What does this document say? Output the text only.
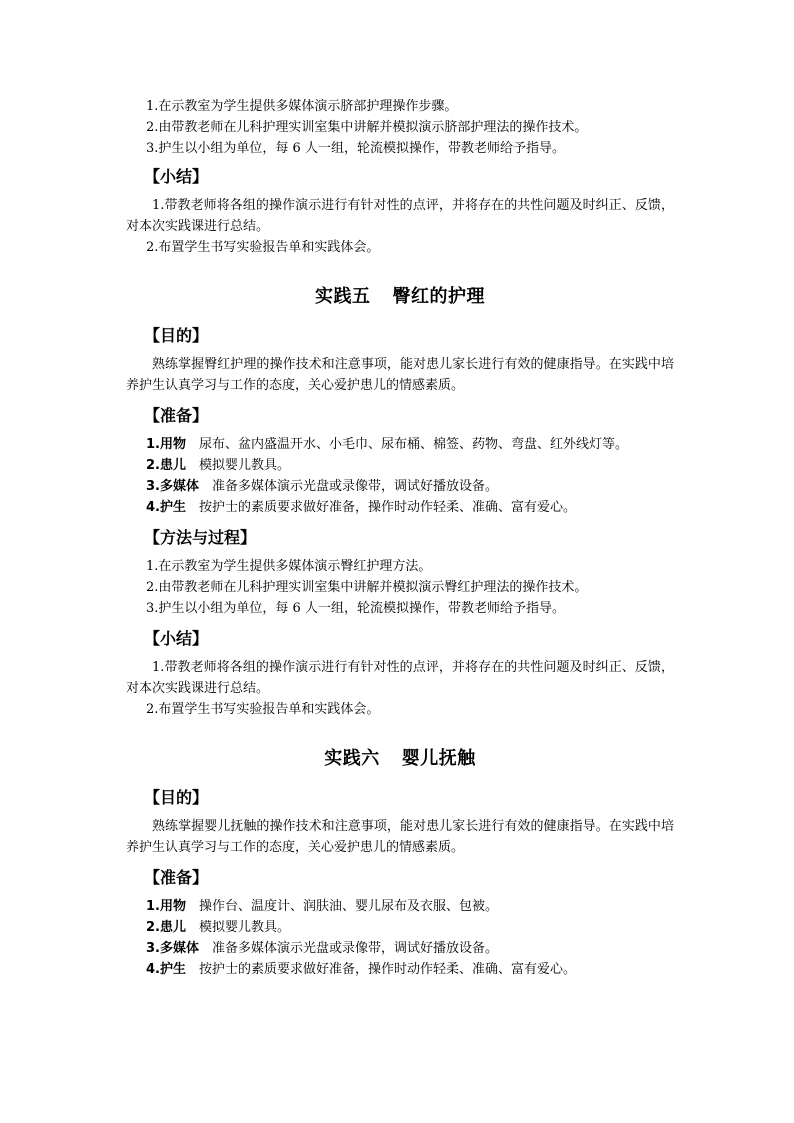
1.在示教室为学生提供多媒体演示脐部护理操作步骤。

2.由带教老师在儿科护理实训室集中讲解并模拟演示脐部护理法的操作技术。

3.护生以小组为单位，每 6 人一组，轮流模拟操作，带教老师给予指导。

【小结】

1.带教老师将各组的操作演示进行有针对性的点评，并将存在的共性问题及时纠正、反馈，对本次实践课进行总结。

2.布置学生书写实验报告单和实践体会。

实践五 臀红的护理

【目的】

熟练掌握臀红护理的操作技术和注意事项，能对患儿家长进行有效的健康指导。在实践中培养护生认真学习与工作的态度，关心爱护患儿的情感素质。

【准备】

1.用物　 尿布、盆内盛温开水、小毛巾、尿布桶、棉签、药物、弯盘、红外线灯等。

2.患儿　 模拟婴儿教具。

3.多媒体　 准备多媒体演示光盘或录像带，调试好播放设备。

4.护生　 按护士的素质要求做好准备，操作时动作轻柔、准确、富有爱心。

【方法与过程】

1.在示教室为学生提供多媒体演示臀红护理方法。

2.由带教老师在儿科护理实训室集中讲解并模拟演示臀红护理法的操作技术。

3.护生以小组为单位，每 6 人一组，轮流模拟操作，带教老师给予指导。

【小结】

1.带教老师将各组的操作演示进行有针对性的点评，并将存在的共性问题及时纠正、反馈，对本次实践课进行总结。

2.布置学生书写实验报告单和实践体会。

实践六 婴儿抚触

【目的】

熟练掌握婴儿抚触的操作技术和注意事项，能对患儿家长进行有效的健康指导。在实践中培养护生认真学习与工作的态度，关心爱护患儿的情感素质。

【准备】

1.用物　 操作台、温度计、润肤油、婴儿尿布及衣服、包被。

2.患儿　 模拟婴儿教具。

3.多媒体　 准备多媒体演示光盘或录像带，调试好播放设备。

4.护生　 按护士的素质要求做好准备，操作时动作轻柔、准确、富有爱心。
